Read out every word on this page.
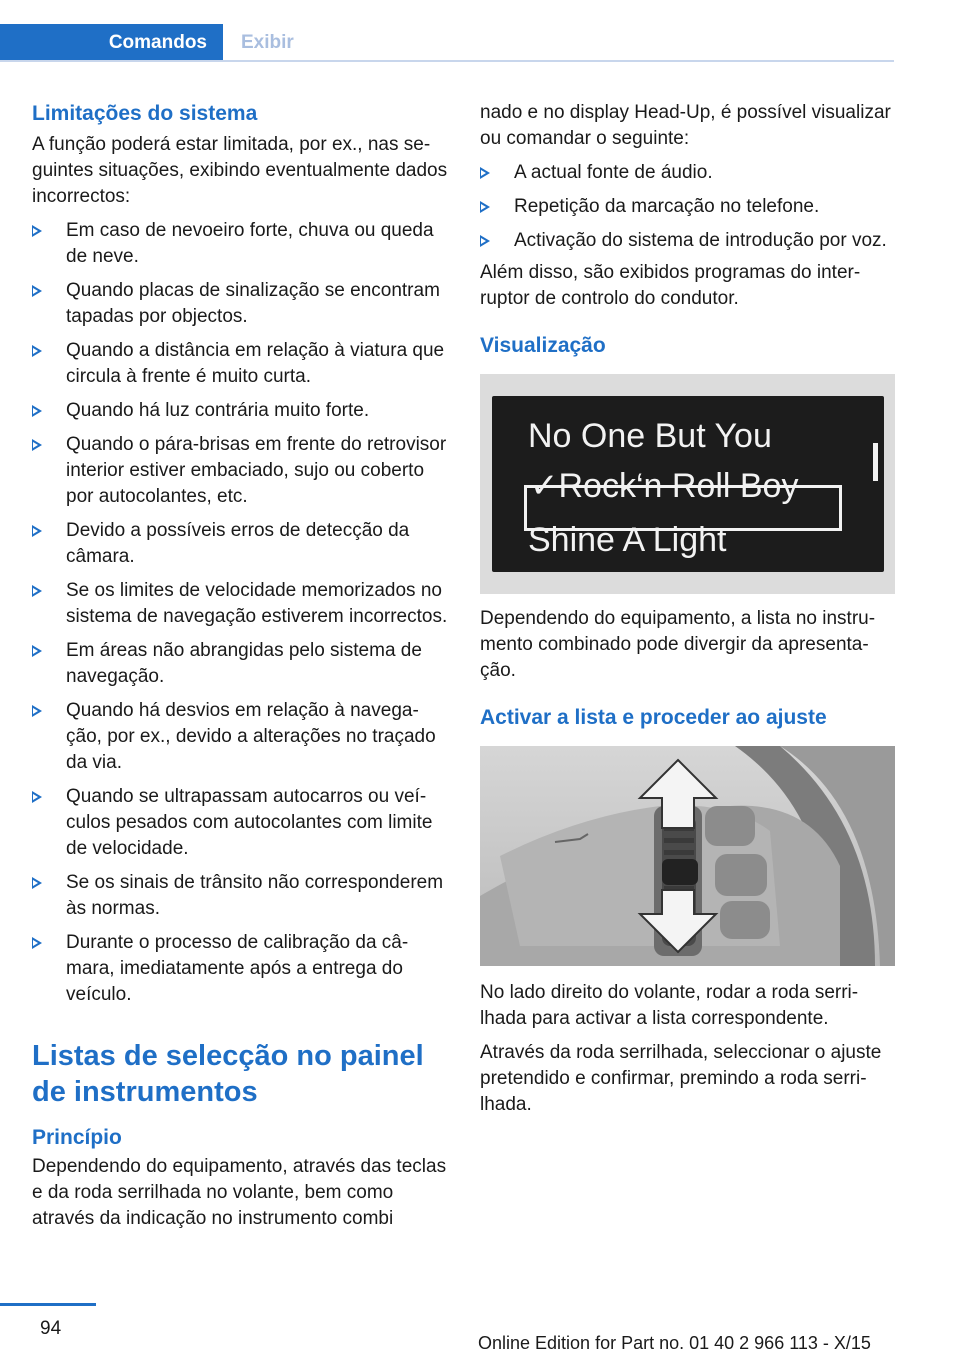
Comandos	Exibir
Limitações do sistema

A função poderá estar limitada, por ex., nas seguintes situações, exibindo eventualmente dados incorrectos:

Em caso de nevoeiro forte, chuva ou queda de neve.
Quando placas de sinalização se encontram tapadas por objectos.
Quando a distância em relação à viatura que circula à frente é muito curta.
Quando há luz contrária muito forte.
Quando o pára-brisas em frente do retrovisor interior estiver embaciado, sujo ou coberto por autocolantes, etc.
Devido a possíveis erros de detecção da câmara.
Se os limites de velocidade memorizados no sistema de navegação estiverem incorrectos.
Em áreas não abrangidas pelo sistema de navegação.
Quando há desvios em relação à navegação, por ex., devido a alterações no traçado da via.
Quando se ultrapassam autocarros ou veículos pesados com autocolantes com limite de velocidade.
Se os sinais de trânsito não corresponderem às normas.
Durante o processo de calibração da câmara, imediatamente após a entrega do veículo.
Listas de selecção no painel de instrumentos
Princípio

Dependendo do equipamento, através das teclas e da roda serrilhada no volante, bem como através da indicação no instrumento combi

nado e no display Head-Up, é possível visualizar ou comandar o seguinte:

A actual fonte de áudio.
Repetição da marcação no telefone.
Activação do sistema de introdução por voz.

Além disso, são exibidos programas do interruptor de controlo do condutor.

Visualização
No One But You
✓Rock‘n Roll Boy
Shine A Light

Dependendo do equipamento, a lista no instrumento combinado pode divergir da apresentação.

Activar a lista e proceder ao ajuste

No lado direito do volante, rodar a roda serrilhada para activar a lista correspondente.

Através da roda serrilhada, seleccionar o ajuste pretendido e confirmar, premindo a roda serrilhada.

94
Online Edition for Part no. 01 40 2 966 113 - X/15
